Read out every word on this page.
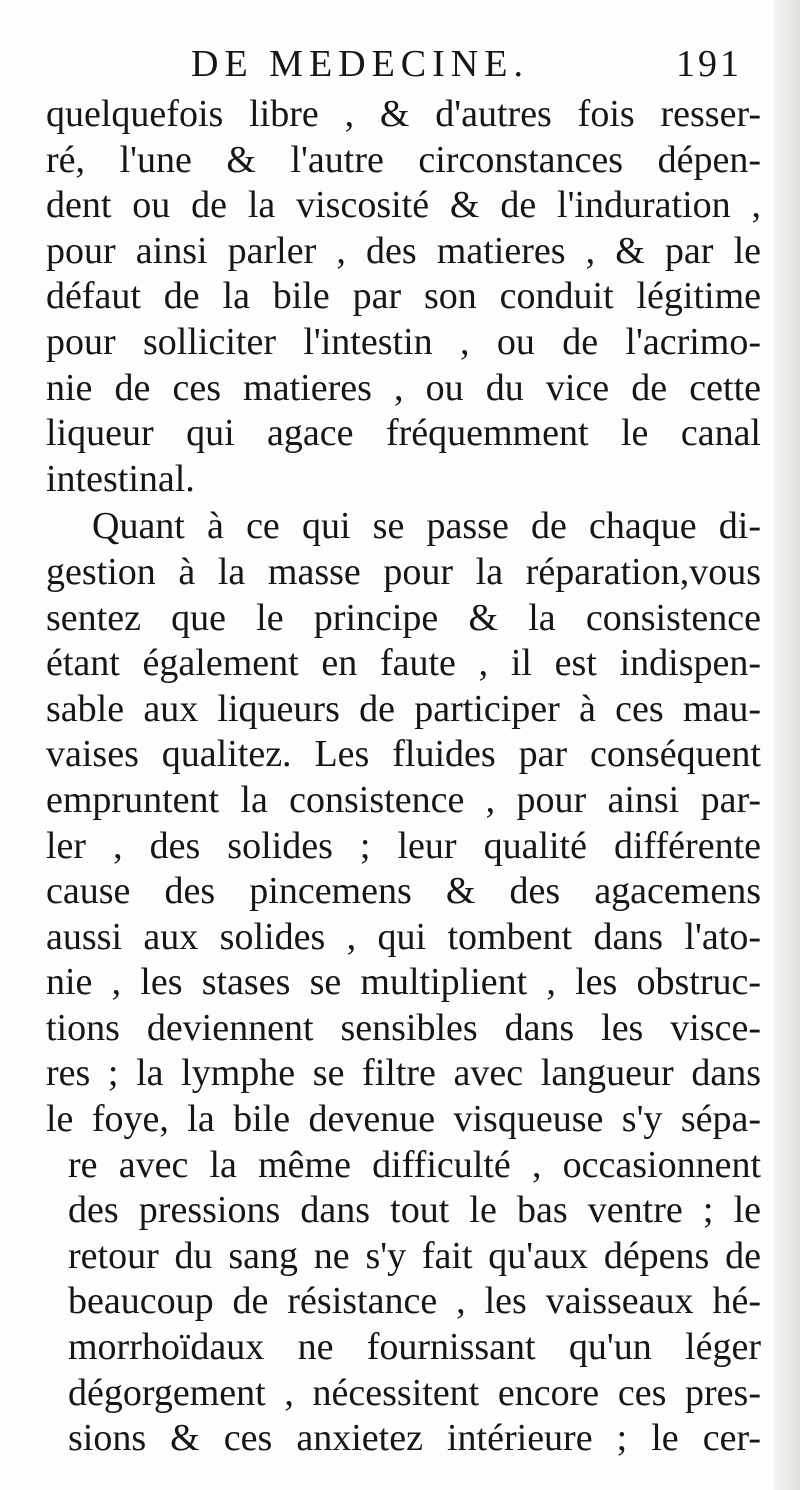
DE MEDECINE.	191
quelquefois libre , & d'autres fois resser-
ré, l'une & l'autre circonstances dépen-
dent ou de la viscosité & de l'induration ,
pour ainsi parler , des matieres , & par le
défaut de la bile par son conduit légitime
pour solliciter l'intestin , ou de l'acrimo-
nie de ces matieres , ou du vice de cette
liqueur qui agace fréquemment le canal
intestinal.
Quant à ce qui se passe de chaque di-
gestion à la masse pour la réparation,vous
sentez que le principe & la consistence
étant également en faute , il est indispen-
sable aux liqueurs de participer à ces mau-
vaises qualitez. Les fluides par conséquent
empruntent la consistence , pour ainsi par-
ler , des solides ; leur qualité différente
cause des pincemens & des agacemens
aussi aux solides , qui tombent dans l'ato-
nie , les stases se multiplient , les obstruc-
tions deviennent sensibles dans les visce-
res ; la lymphe se filtre avec langueur dans
le foye, la bile devenue visqueuse s'y sépa-
re avec la même difficulté , occasionnent
des pressions dans tout le bas ventre ; le
retour du sang ne s'y fait qu'aux dépens de
beaucoup de résistance , les vaisseaux hé-
morrhoïdaux ne fournissant qu'un léger
dégorgement , nécessitent encore ces pres-
sions & ces anxietez intérieure ; le cer-
